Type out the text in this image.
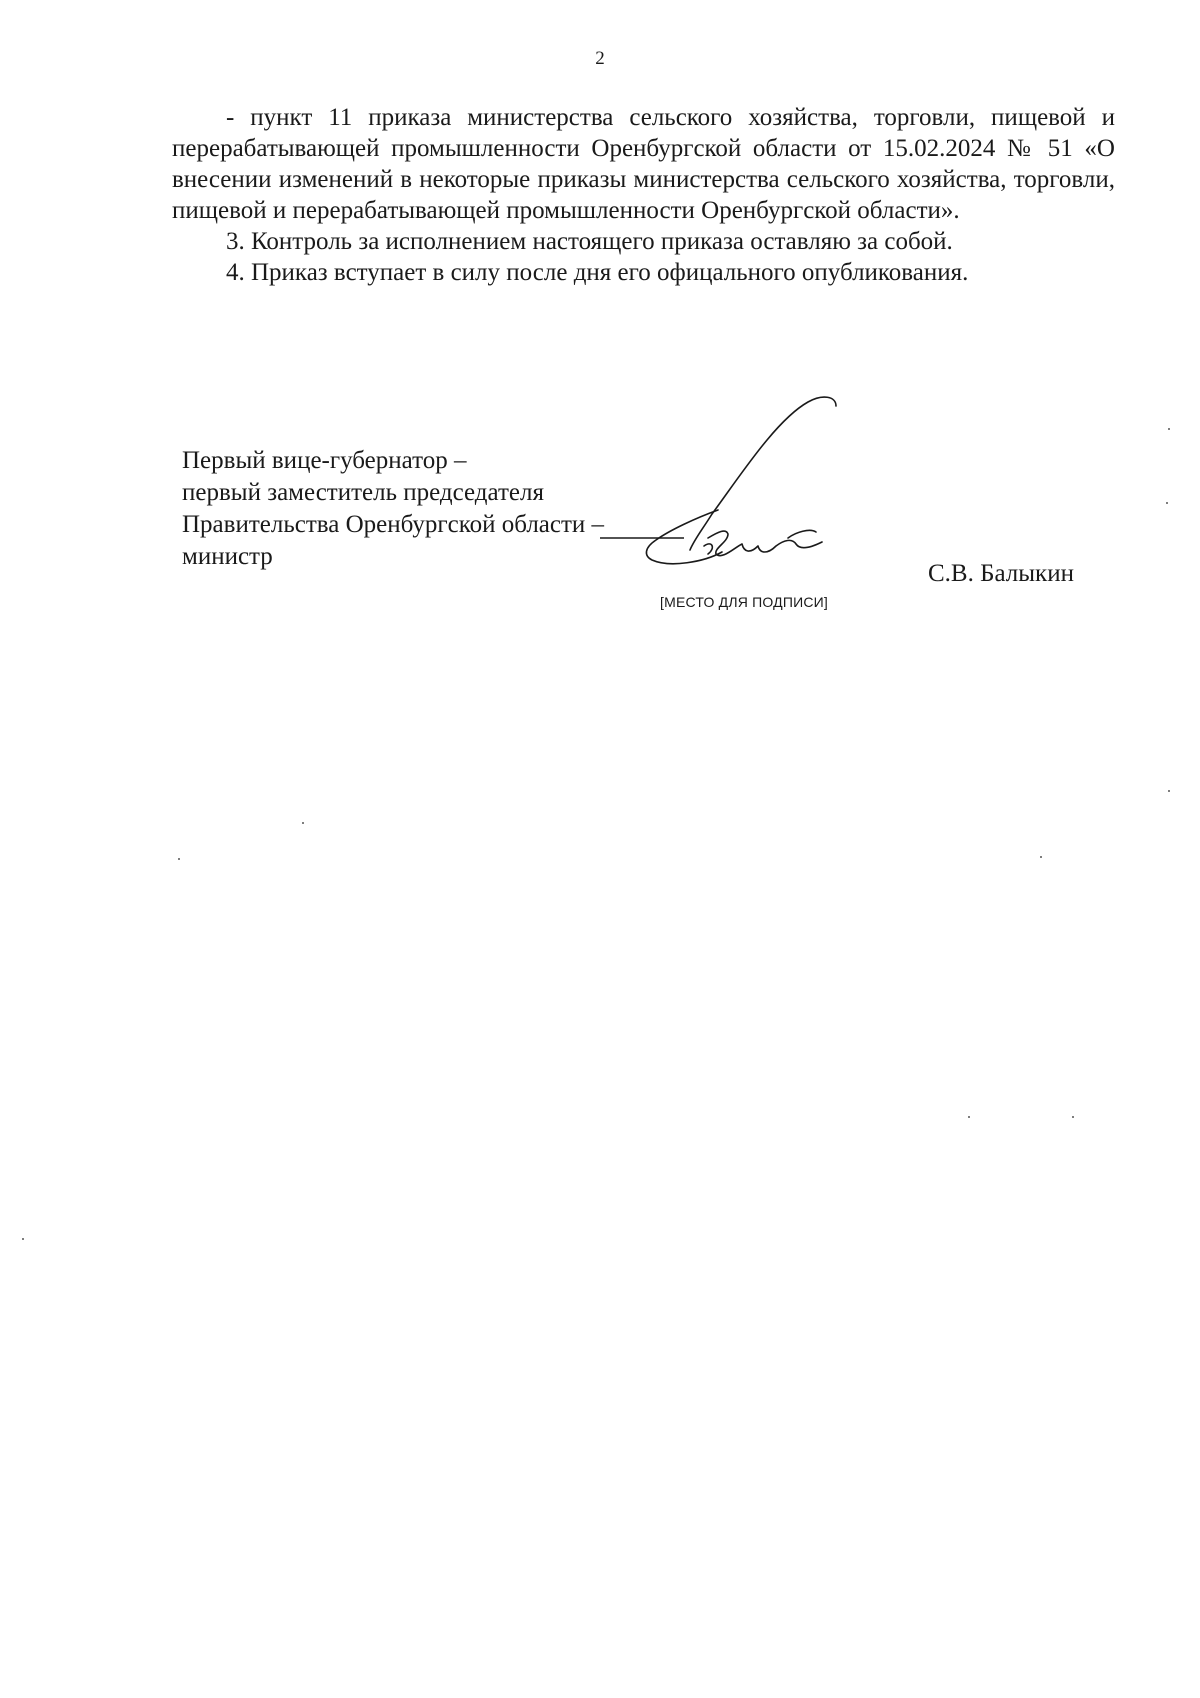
2

- пункт 11 приказа министерства сельского хозяйства, торговли, пищевой и перерабатывающей промышленности Оренбургской области от 15.02.2024 № 51 «О внесении изменений в некоторые приказы министерства сельского хозяйства, торговли, пищевой и перерабатывающей промышленности Оренбургской области».

3. Контроль за исполнением настоящего приказа оставляю за собой.

4. Приказ вступает в силу после дня его офицального опубликования.

Первый вице-губернатор –
первый заместитель председателя
Правительства Оренбургской области –
министр
[МЕСТО ДЛЯ ПОДПИСИ]
С.В. Балыкин
